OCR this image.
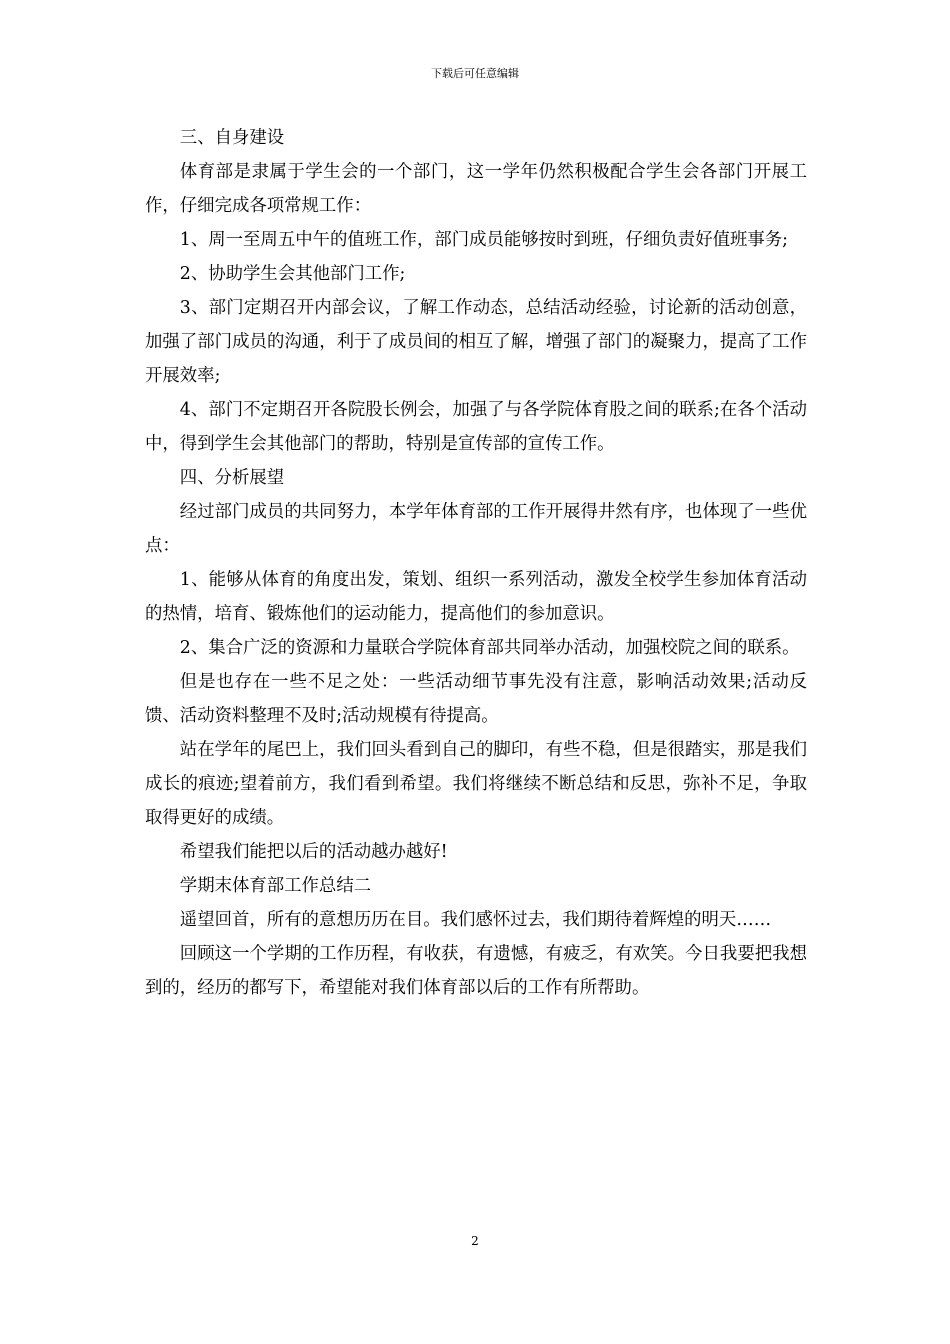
下载后可任意编辑

三、自身建设

体育部是隶属于学生会的一个部门，这一学年仍然积极配合学生会各部门开展工作，仔细完成各项常规工作：

1、周一至周五中午的值班工作，部门成员能够按时到班，仔细负责好值班事务;

2、协助学生会其他部门工作;

3、部门定期召开内部会议，了解工作动态，总结活动经验，讨论新的活动创意，加强了部门成员的沟通，利于了成员间的相互了解，增强了部门的凝聚力，提高了工作开展效率;

4、部门不定期召开各院股长例会，加强了与各学院体育股之间的联系;在各个活动中，得到学生会其他部门的帮助，特别是宣传部的宣传工作。

四、分析展望

经过部门成员的共同努力，本学年体育部的工作开展得井然有序，也体现了一些优点：

1、能够从体育的角度出发，策划、组织一系列活动，激发全校学生参加体育活动的热情，培育、锻炼他们的运动能力，提高他们的参加意识。

2、集合广泛的资源和力量联合学院体育部共同举办活动，加强校院之间的联系。

但是也存在一些不足之处：一些活动细节事先没有注意，影响活动效果;活动反馈、活动资料整理不及时;活动规模有待提高。

站在学年的尾巴上，我们回头看到自己的脚印，有些不稳，但是很踏实，那是我们成长的痕迹;望着前方，我们看到希望。我们将继续不断总结和反思，弥补不足，争取取得更好的成绩。

希望我们能把以后的活动越办越好!

学期末体育部工作总结二

遥望回首，所有的意想历历在目。我们感怀过去，我们期待着辉煌的明天……

回顾这一个学期的工作历程，有收获，有遗憾，有疲乏，有欢笑。今日我要把我想到的，经历的都写下，希望能对我们体育部以后的工作有所帮助。

2
